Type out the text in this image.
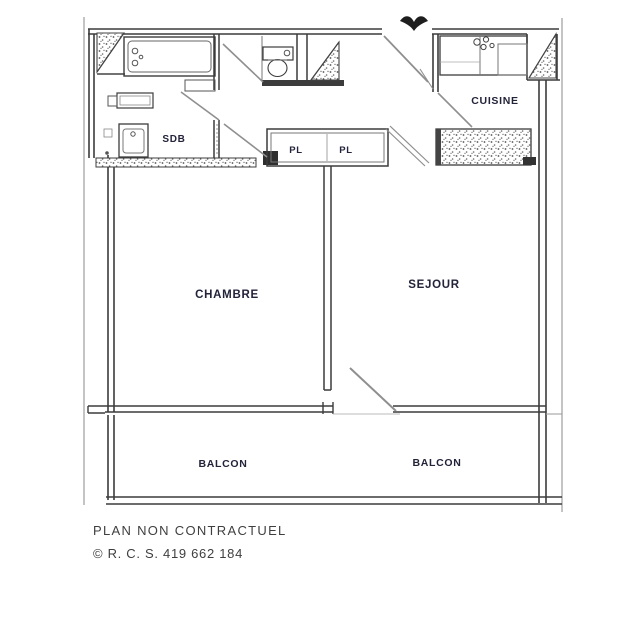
SDB
CUISINE
PL	PL
CHAMBRE
SEJOUR
BALCON	BALCON
PLAN NON CONTRACTUEL
© R. C. S. 419 662 184
